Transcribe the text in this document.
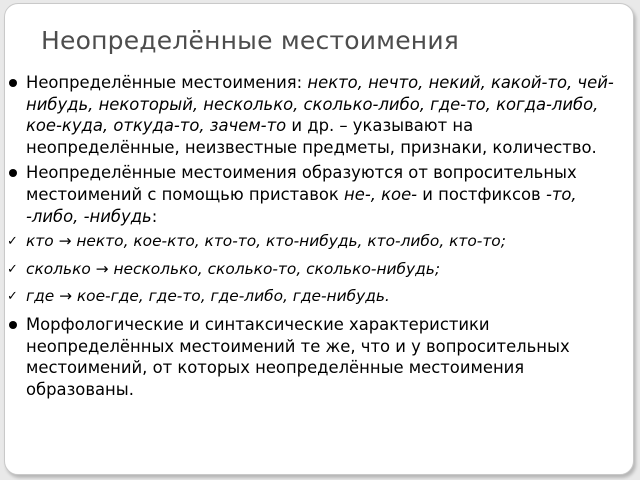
Неопределённые местоимения

Неопределённые местоимения: некто, нечто, некий, какой-то, чей-нибудь, некоторый, несколько, сколько-либо, где-то, когда-либо, кое-куда, откуда-то, зачем-то и др. – указывают на неопределённые, неизвестные предметы, признаки, количество.

Неопределённые местоимения образуются от вопросительных местоимений с помощью приставок не-, кое- и постфиксов -то, -либо, -нибудь:

✓ кто → некто, кое-кто, кто-то, кто-нибудь, кто-либо, кто-то;

✓ сколько → несколько, сколько-то, сколько-нибудь;

✓ где → кое-где, где-то, где-либо, где-нибудь.

Морфологические и синтаксические характеристики неопределённых местоимений те же, что и у вопросительных местоимений, от которых неопределённые местоимения образованы.
